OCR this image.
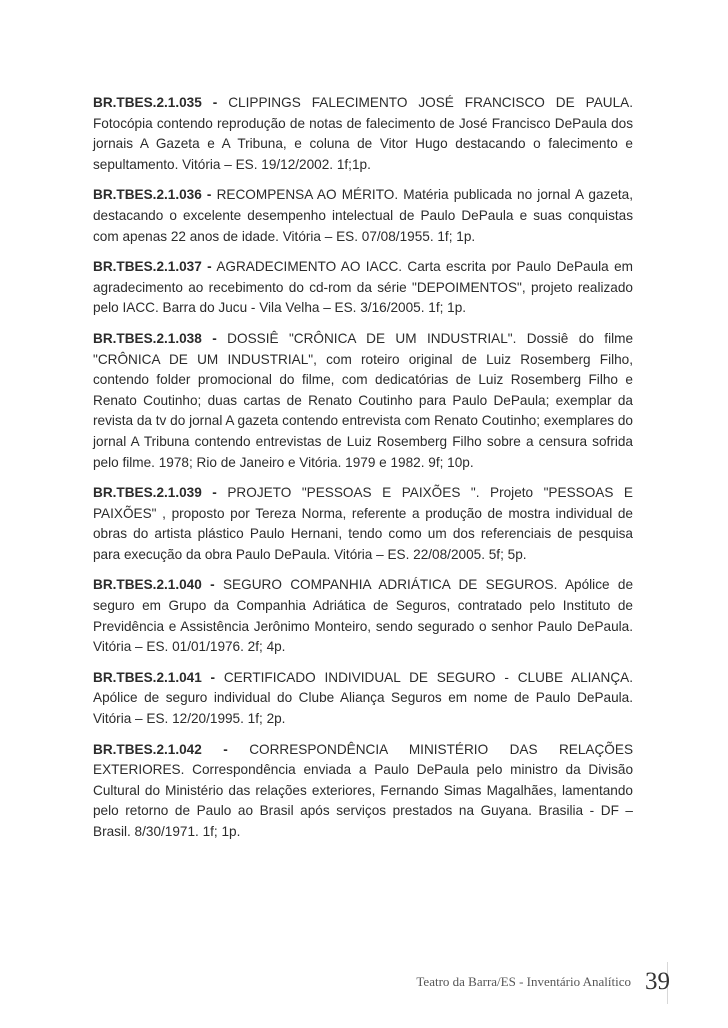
BR.TBES.2.1.035 - CLIPPINGS FALECIMENTO JOSÉ FRANCISCO DE PAULA. Fotocópia contendo reprodução de notas de falecimento de José Francisco DePaula dos jornais A Gazeta e A Tribuna, e coluna de Vitor Hugo destacando o falecimento e sepultamento. Vitória – ES. 19/12/2002. 1f;1p.

BR.TBES.2.1.036 - RECOMPENSA AO MÉRITO. Matéria publicada no jornal A gazeta, destacando o excelente desempenho intelectual de Paulo DePaula e suas conquistas com apenas 22 anos de idade. Vitória – ES. 07/08/1955. 1f; 1p.

BR.TBES.2.1.037 - AGRADECIMENTO AO IACC. Carta escrita por Paulo DePaula em agradecimento ao recebimento do cd-rom da série "DEPOIMENTOS", projeto realizado pelo IACC. Barra do Jucu - Vila Velha – ES. 3/16/2005. 1f; 1p.

BR.TBES.2.1.038 - DOSSIÊ "CRÔNICA DE UM INDUSTRIAL". Dossiê do filme "CRÔNICA DE UM INDUSTRIAL", com roteiro original de Luiz Rosemberg Filho, contendo folder promocional do filme, com dedicatórias de Luiz Rosemberg Filho e Renato Coutinho; duas cartas de Renato Coutinho para Paulo DePaula; exemplar da revista da tv do jornal A gazeta contendo entrevista com Renato Coutinho; exemplares do jornal A Tribuna contendo entrevistas de Luiz Rosemberg Filho sobre a censura sofrida pelo filme. 1978; Rio de Janeiro e Vitória. 1979 e 1982. 9f; 10p.

BR.TBES.2.1.039 - PROJETO "PESSOAS E PAIXÕES ". Projeto "PESSOAS E PAIXÕES" , proposto por Tereza Norma, referente a produção de mostra individual de obras do artista plástico Paulo Hernani, tendo como um dos referenciais de pesquisa para execução da obra Paulo DePaula. Vitória – ES. 22/08/2005. 5f; 5p.

BR.TBES.2.1.040 - SEGURO COMPANHIA ADRIÁTICA DE SEGUROS. Apólice de seguro em Grupo da Companhia Adriática de Seguros, contratado pelo Instituto de Previdência e Assistência Jerônimo Monteiro, sendo segurado o senhor Paulo DePaula. Vitória – ES. 01/01/1976. 2f; 4p.

BR.TBES.2.1.041 - CERTIFICADO INDIVIDUAL DE SEGURO - CLUBE ALIANÇA. Apólice de seguro individual do Clube Aliança Seguros em nome de Paulo DePaula. Vitória – ES. 12/20/1995. 1f; 2p.

BR.TBES.2.1.042 - CORRESPONDÊNCIA MINISTÉRIO DAS RELAÇÕES EXTERIORES. Correspondência enviada a Paulo DePaula pelo ministro da Divisão Cultural do Ministério das relações exteriores, Fernando Simas Magalhães, lamentando pelo retorno de Paulo ao Brasil após serviços prestados na Guyana. Brasilia - DF – Brasil. 8/30/1971. 1f; 1p.

Teatro da Barra/ES - Inventário Analítico 39
